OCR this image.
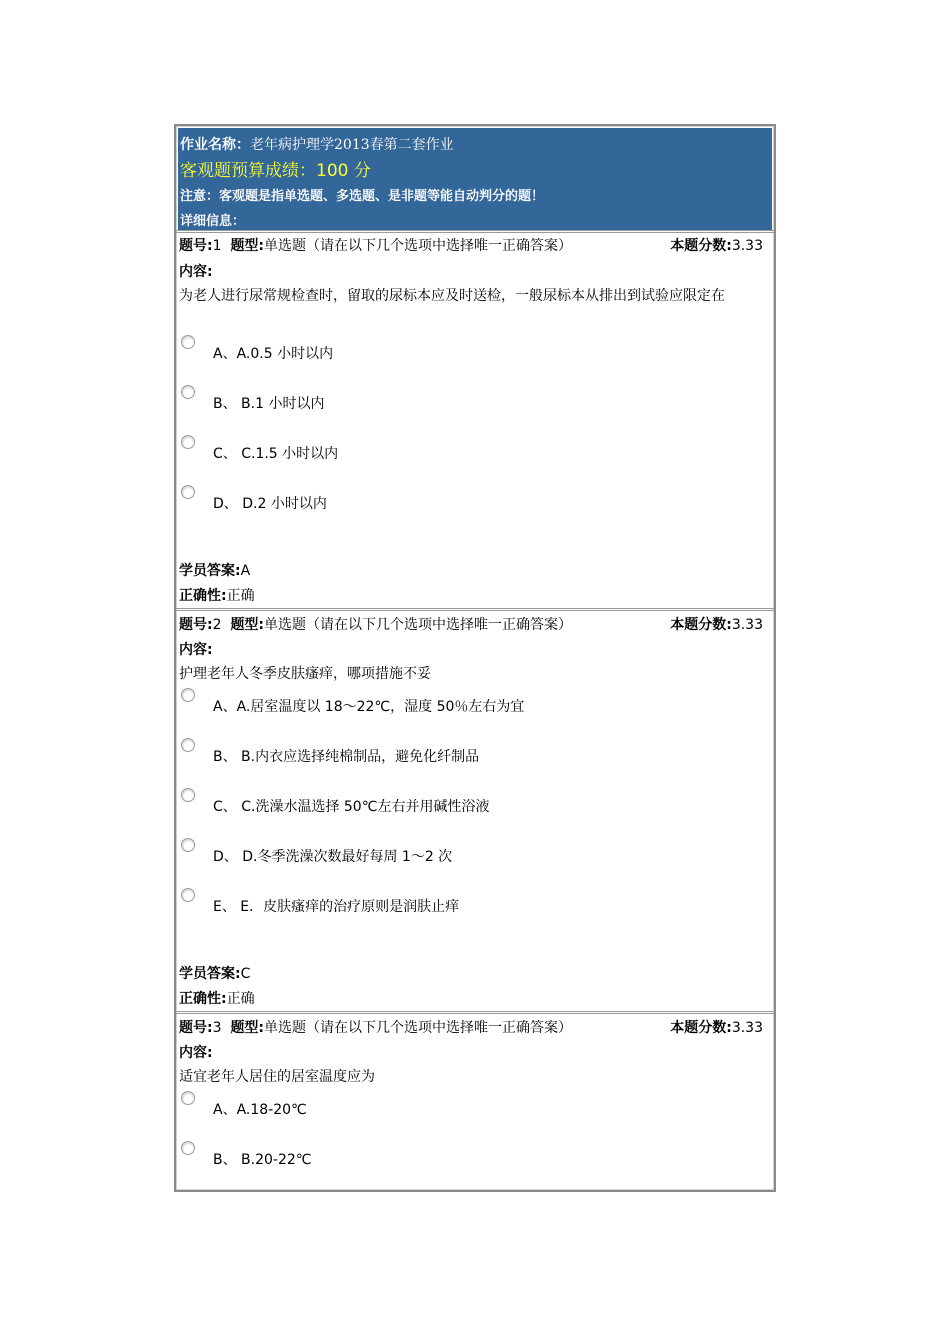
作业名称：老年病护理学2013春第二套作业
客观题预算成绩：100 分
注意：客观题是指单选题、多选题、是非题等能自动判分的题！
详细信息：
题号:1 题型:单选题（请在以下几个选项中选择唯一正确答案）	本题分数:3.33
内容:
为老人进行尿常规检查时，留取的尿标本应及时送检，一般尿标本从排出到试验应限定在
A、A.0.5 小时以内
B、 B.1 小时以内
C、 C.1.5 小时以内
D、 D.2 小时以内
学员答案:A
正确性:正确
题号:2 题型:单选题（请在以下几个选项中选择唯一正确答案）	本题分数:3.33
内容:
护理老年人冬季皮肤瘙痒，哪项措施不妥
A、A.居室温度以 18～22℃，湿度 50％左右为宜
B、 B.内衣应选择纯棉制品，避免化纤制品
C、 C.洗澡水温选择 50℃左右并用碱性浴液
D、 D.冬季洗澡次数最好每周 1～2 次
E、 E．皮肤瘙痒的治疗原则是润肤止痒
学员答案:C
正确性:正确
题号:3 题型:单选题（请在以下几个选项中选择唯一正确答案）	本题分数:3.33
内容:
适宜老年人居住的居室温度应为
A、A.18-20℃
B、 B.20-22℃
